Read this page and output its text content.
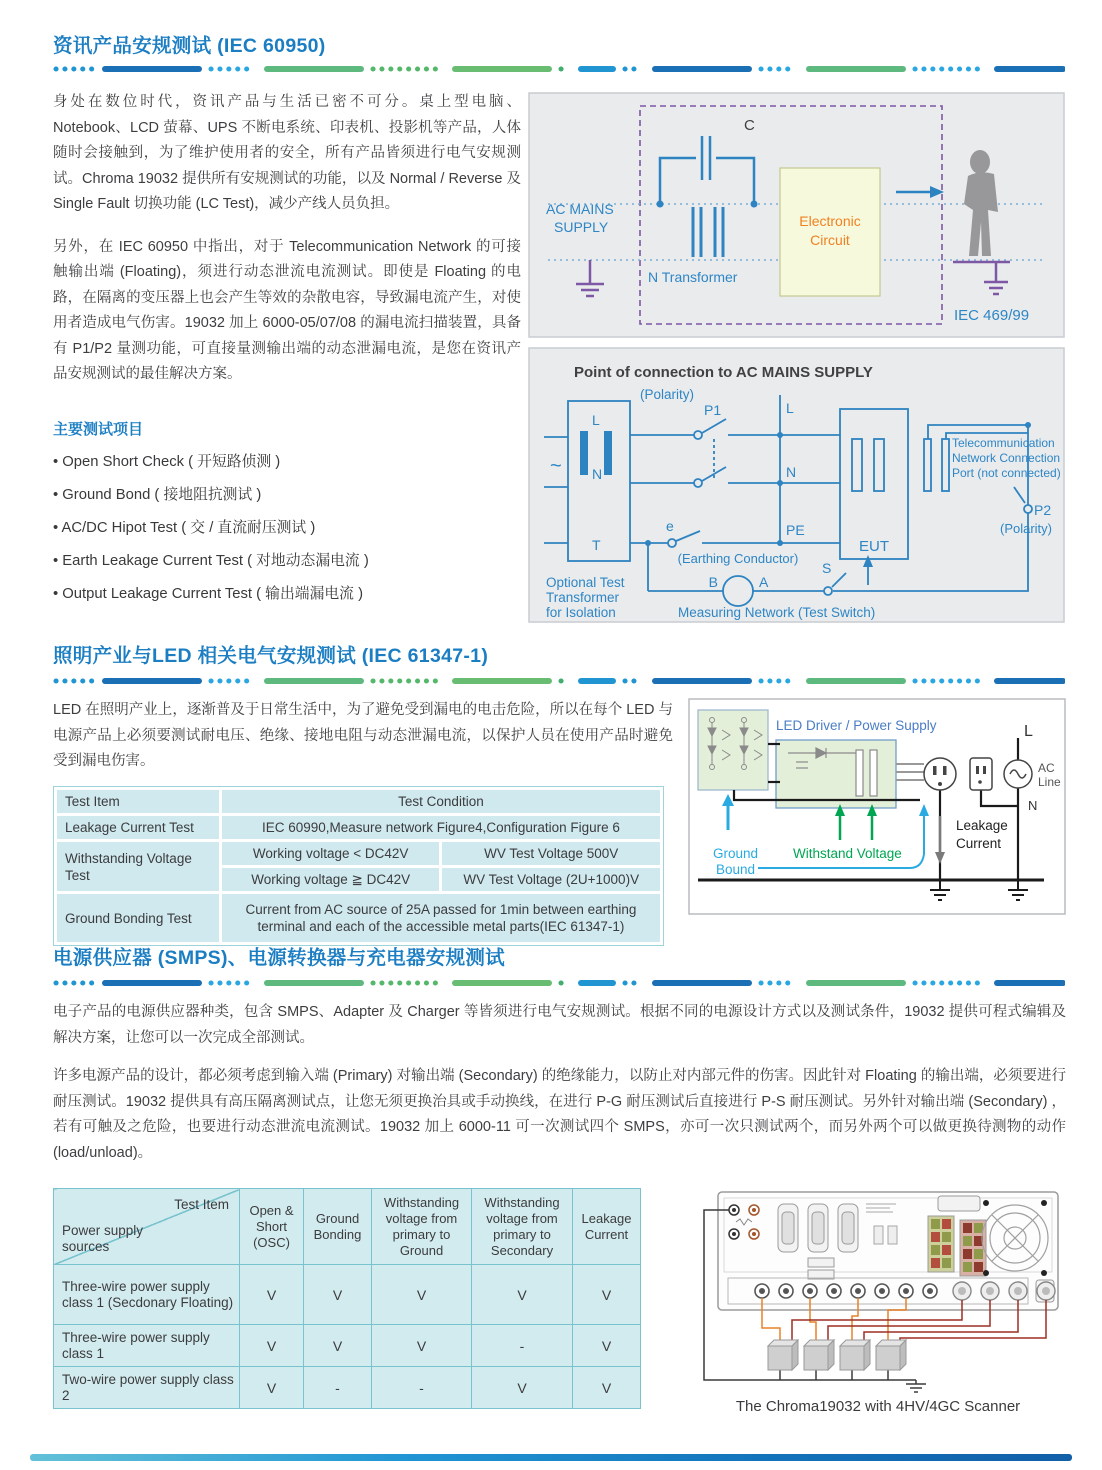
资讯产品安规测试 (IEC 60950)

身处在数位时代，资讯产品与生活已密不可分。桌上型电脑、Notebook、LCD 萤幕、UPS 不断电系统、印表机、投影机等产品，人体随时会接触到，为了维护使用者的安全，所有产品皆须进行电气安规测试。Chroma 19032 提供所有安规测试的功能，以及 Normal / Reverse 及 Single Fault 切换功能 (LC Test)，减少产线人员负担。

另外，在 IEC 60950 中指出，对于 Telecommunication Network 的可接触输出端 (Floating)，须进行动态泄流电流测试。即使是 Floating 的电路，在隔离的变压器上也会产生等效的杂散电容，导致漏电流产生，对使用者造成电气伤害。19032 加上 6000-05/07/08 的漏电流扫描装置，具备有 P1/P2 量测功能，可直接量测输出端的动态泄漏电流，是您在资讯产品安规测试的最佳解决方案。

主要测试项目
• Open Short Check ( 开短路侦测 )
• Ground Bond ( 接地阻抗测试 )
• AC/DC Hipot Test ( 交 / 直流耐压测试 )
• Earth Leakage Current Test ( 对地动态漏电流 )
• Output Leakage Current Test ( 输出端漏电流 )
C
AC MAINS
SUPPLY
N Transformer
Electronic
Circuit
IEC 469/99
Point of connection to AC MAINS SUPPLY
~
L
N
T
(Polarity)
P1	L
N
PE
e
(Earthing Conductor)
EUT
B	A
S
P2
(Polarity)
Telecommunication
Network Connection
Port (not connected)
Optional Test
Transformer
for Isolation	Measuring Network (Test Switch)
照明产业与LED 相关电气安规测试 (IEC 61347-1)

LED 在照明产业上，逐渐普及于日常生活中，为了避免受到漏电的电击危险，所以在每个 LED 与电源产品上必须要测试耐电压、绝缘、接地电阻与动态泄漏电流，以保护人员在使用产品时避免受到漏电伤害。

Test Item	Test Condition	
Leakage Current Test	IEC 60990,Measure network Figure4,Configuration Figure 6	
Withstanding Voltage Test	Working voltage < DC42V	WV Test Voltage 500V
	Working voltage ≧ DC42V	WV Test Voltage (2U+1000)V
Ground Bonding Test	Current from AC source of 25A passed for 1min between earthing terminal and each of the accessible metal parts(IEC 61347-1)	
LED Driver / Power Supply	L
AC
Line
N
Withstand Voltage
Ground
Bound
Leakage
Current
电源供应器 (SMPS)、电源转换器与充电器安规测试

电子产品的电源供应器种类，包含 SMPS、Adapter 及 Charger 等皆须进行电气安规测试。根据不同的电源设计方式以及测试条件，19032 提供可程式编辑及解决方案，让您可以一次完成全部测试。

许多电源产品的设计，都必须考虑到输入端 (Primary) 对输出端 (Secondary) 的绝缘能力，以防止对内部元件的伤害。因此针对 Floating 的输出端，必须要进行耐压测试。19032 提供具有高压隔离测试点，让您无须更换治具或手动换线，在进行 P-G 耐压测试后直接进行 P-S 耐压测试。另外针对输出端 (Secondary) ，若有可触及之危险，也要进行动态泄流电流测试。19032 加上 6000-11 可一次测试四个 SMPS，亦可一次只测试两个，而另外两个可以做更换待测物的动作 (load/unload)。

Test Item
Power supply sources	Open & Short (OSC)	Ground Bonding	Withstanding voltage from primary to Ground	Withstanding voltage from primary to Secondary	Leakage Current
Three-wire power supply class 1 (Secdonary Floating)	V	V	V	V	V
Three-wire power supply class 1	V	V	V	-	V
Two-wire power supply class 2	V	-	-	V	V
The Chroma19032 with 4HV/4GC Scanner
